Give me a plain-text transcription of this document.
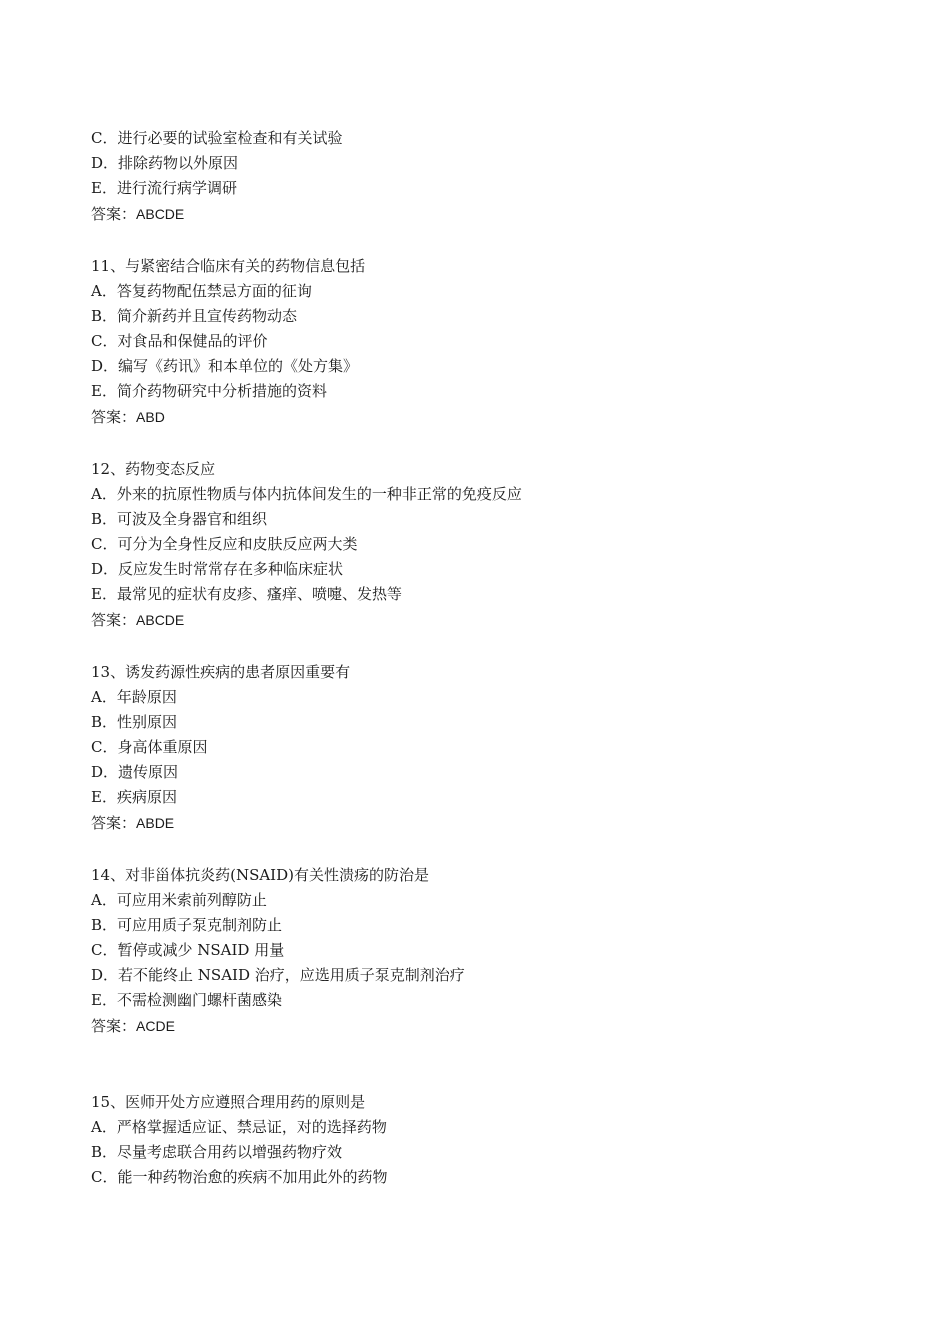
C．进行必要的试验室检查和有关试验
D．排除药物以外原因
E．进行流行病学调研
答案：ABCDE
11、与紧密结合临床有关的药物信息包括
A．答复药物配伍禁忌方面的征询
B．简介新药并且宣传药物动态
C．对食品和保健品的评价
D．编写《药讯》和本单位的《处方集》
E．简介药物研究中分析措施的资料
答案：ABD
12、药物变态反应
A．外来的抗原性物质与体内抗体间发生的一种非正常的免疫反应
B．可波及全身器官和组织
C．可分为全身性反应和皮肤反应两大类
D．反应发生时常常存在多种临床症状
E．最常见的症状有皮疹、瘙痒、喷嚏、发热等
答案：ABCDE
13、诱发药源性疾病的患者原因重要有
A．年龄原因
B．性别原因
C．身高体重原因
D．遗传原因
E．疾病原因
答案：ABDE
14、对非甾体抗炎药(NSAID)有关性溃疡的防治是
A．可应用米索前列醇防止
B．可应用质子泵克制剂防止
C．暂停或减少 NSAID 用量
D．若不能终止 NSAID 治疗，应选用质子泵克制剂治疗
E．不需检测幽门螺杆菌感染
答案：ACDE
15、医师开处方应遵照合理用药的原则是
A．严格掌握适应证、禁忌证，对的选择药物
B．尽量考虑联合用药以增强药物疗效
C．能一种药物治愈的疾病不加用此外的药物
